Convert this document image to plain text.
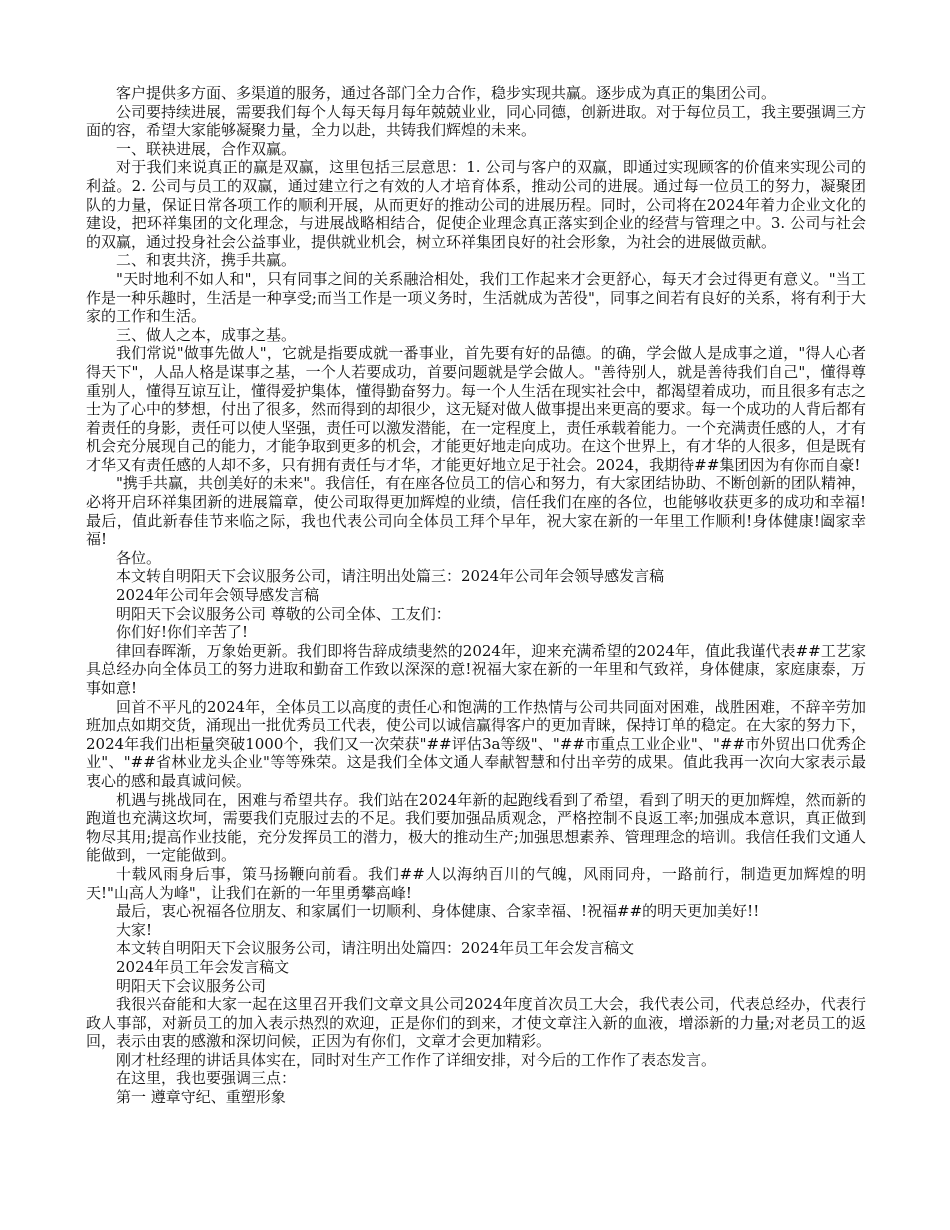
客户提供多方面、多渠道的服务，通过各部门全力合作，稳步实现共赢。逐步成为真正的集团公司。

公司要持续进展，需要我们每个人每天每月每年兢兢业业，同心同德，创新进取。对于每位员工，我主要强调三方面的容，希望大家能够凝聚力量，全力以赴，共铸我们辉煌的未来。

一、联袂进展，合作双赢。

对于我们来说真正的赢是双赢，这里包括三层意思：1. 公司与客户的双赢，即通过实现顾客的价值来实现公司的利益。2. 公司与员工的双赢，通过建立行之有效的人才培育体系，推动公司的进展。通过每一位员工的努力，凝聚团队的力量，保证日常各项工作的顺利开展，从而更好的推动公司的进展历程。同时，公司将在2024年着力企业文化的建设，把环祥集团的文化理念，与进展战略相结合，促使企业理念真正落实到企业的经营与管理之中。3. 公司与社会的双赢，通过投身社会公益事业，提供就业机会，树立环祥集团良好的社会形象，为社会的进展做贡献。

二、和衷共济，携手共赢。

"天时地利不如人和"，只有同事之间的关系融洽相处，我们工作起来才会更舒心，每天才会过得更有意义。"当工作是一种乐趣时，生活是一种享受;而当工作是一项义务时，生活就成为苦役"，同事之间若有良好的关系，将有利于大家的工作和生活。

三、做人之本，成事之基。

我们常说"做事先做人"，它就是指要成就一番事业，首先要有好的品德。的确，学会做人是成事之道，"得人心者得天下"，人品人格是谋事之基，一个人若要成功，首要问题就是学会做人。"善待别人，就是善待我们自己"，懂得尊重别人，懂得互谅互让，懂得爱护集体，懂得勤奋努力。每一个人生活在现实社会中，都渴望着成功，而且很多有志之士为了心中的梦想，付出了很多，然而得到的却很少，这无疑对做人做事提出来更高的要求。每一个成功的人背后都有着责任的身影，责任可以使人坚强，责任可以激发潜能，在一定程度上，责任承载着能力。一个充满责任感的人，才有机会充分展现自己的能力，才能争取到更多的机会，才能更好地走向成功。在这个世界上，有才华的人很多，但是既有才华又有责任感的人却不多，只有拥有责任与才华，才能更好地立足于社会。2024，我期待##集团因为有你而自豪!

"携手共赢，共创美好的未来"。我信任，有在座各位员工的信心和努力，有大家团结协助、不断创新的团队精神，必将开启环祥集团新的进展篇章，使公司取得更加辉煌的业绩，信任我们在座的各位，也能够收获更多的成功和幸福!最后，值此新春佳节来临之际，我也代表公司向全体员工拜个早年，祝大家在新的一年里工作顺利!身体健康!阖家幸福!

各位。

本文转自明阳天下会议服务公司，请注明出处篇三：2024年公司年会领导感发言稿

2024年公司年会领导感发言稿

明阳天下会议服务公司 尊敬的公司全体、工友们：

你们好!你们辛苦了!

律回春晖渐，万象始更新。我们即将告辞成绩斐然的2024年，迎来充满希望的2024年，值此我谨代表##工艺家具总经办向全体员工的努力进取和勤奋工作致以深深的意!祝福大家在新的一年里和气致祥，身体健康，家庭康泰，万事如意!

回首不平凡的2024年，全体员工以高度的责任心和饱满的工作热情与公司共同面对困难，战胜困难，不辞辛劳加班加点如期交货，涌现出一批优秀员工代表，使公司以诚信赢得客户的更加青睐，保持订单的稳定。在大家的努力下，2024年我们出柜量突破1000个，我们又一次荣获"##评估3a等级"、"##市重点工业企业"、"##市外贸出口优秀企业"、"##省林业龙头企业"等等殊荣。这是我们全体文通人奉献智慧和付出辛劳的成果。值此我再一次向大家表示最衷心的感和最真诚问候。

机遇与挑战同在，困难与希望共存。我们站在2024年新的起跑线看到了希望，看到了明天的更加辉煌，然而新的跑道也充满这坎坷，需要我们克服过去的不足。我们要加强品质观念，严格控制不良返工率;加强成本意识，真正做到物尽其用;提高作业技能，充分发挥员工的潜力，极大的推动生产;加强思想素养、管理理念的培训。我信任我们文通人能做到，一定能做到。

十载风雨身后事，策马扬鞭向前看。我们##人以海纳百川的气魄，风雨同舟，一路前行，制造更加辉煌的明天!"山高人为峰"，让我们在新的一年里勇攀高峰!

最后，衷心祝福各位朋友、和家属们一切顺利、身体健康、合家幸福、!祝福##的明天更加美好!!

大家!

本文转自明阳天下会议服务公司，请注明出处篇四：2024年员工年会发言稿文

2024年员工年会发言稿文

明阳天下会议服务公司

我很兴奋能和大家一起在这里召开我们文章文具公司2024年度首次员工大会，我代表公司，代表总经办，代表行政人事部，对新员工的加入表示热烈的欢迎，正是你们的到来，才使文章注入新的血液，增添新的力量;对老员工的返回，表示由衷的感激和深切问候，正因为有你们，文章才会更加精彩。

刚才杜经理的讲话具体实在，同时对生产工作作了详细安排，对今后的工作作了表态发言。

在这里，我也要强调三点：

第一 遵章守纪、重塑形象
